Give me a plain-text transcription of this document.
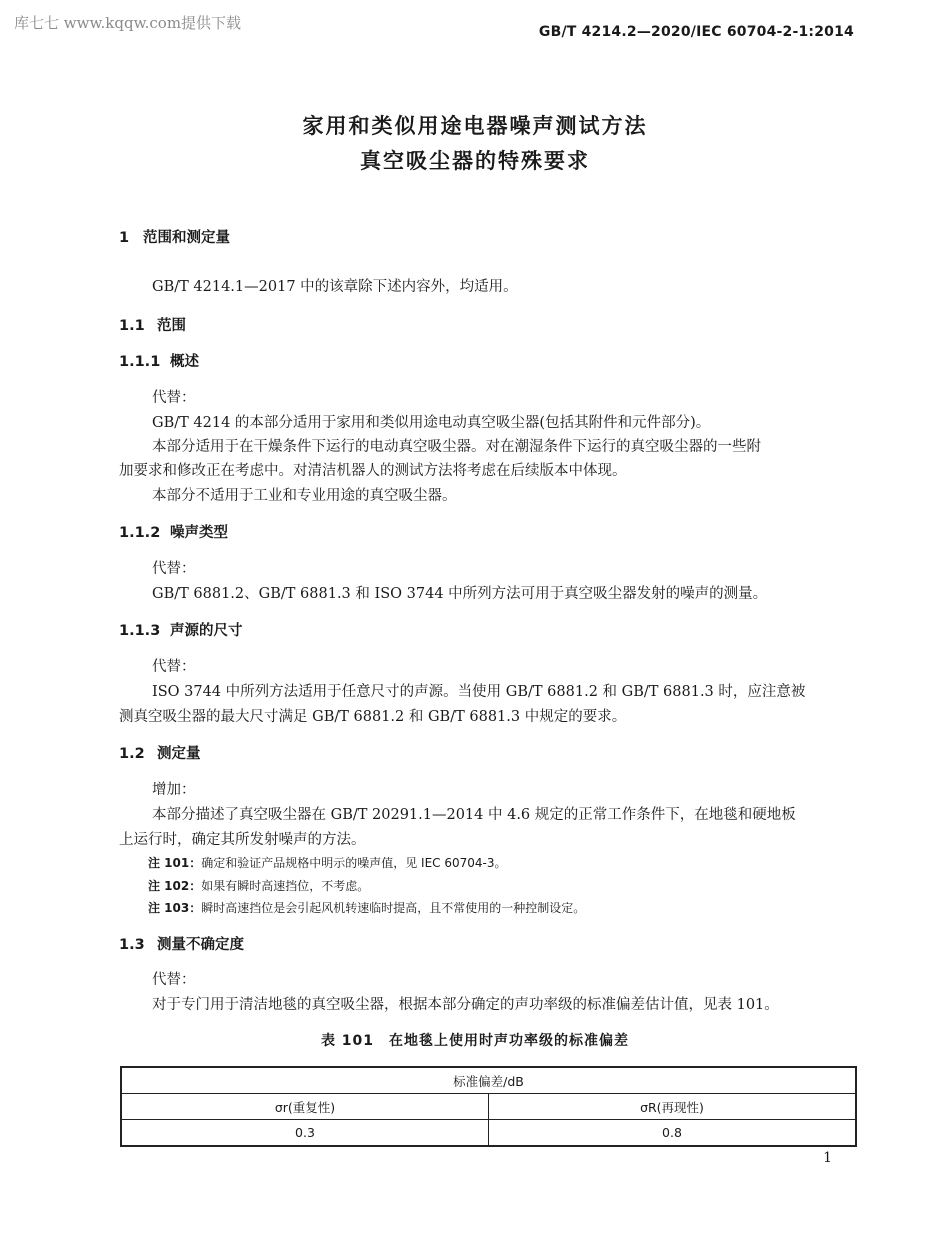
库七七 www.kqqw.com提供下载	GB/T 4214.2—2020/IEC 60704-2-1:2014
家用和类似用途电器噪声测试方法
真空吸尘器的特殊要求
1 范围和测定量
GB/T 4214.1—2017 中的该章除下述内容外，均适用。
1.1 范围
1.1.1 概述
代替：
GB/T 4214 的本部分适用于家用和类似用途电动真空吸尘器(包括其附件和元件部分)。
本部分适用于在干燥条件下运行的电动真空吸尘器。对在潮湿条件下运行的真空吸尘器的一些附
加要求和修改正在考虑中。对清洁机器人的测试方法将考虑在后续版本中体现。
本部分不适用于工业和专业用途的真空吸尘器。
1.1.2 噪声类型
代替：
GB/T 6881.2、GB/T 6881.3 和 ISO 3744 中所列方法可用于真空吸尘器发射的噪声的测量。
1.1.3 声源的尺寸
代替：
ISO 3744 中所列方法适用于任意尺寸的声源。当使用 GB/T 6881.2 和 GB/T 6881.3 时，应注意被
测真空吸尘器的最大尺寸满足 GB/T 6881.2 和 GB/T 6881.3 中规定的要求。
1.2 测定量
增加：
本部分描述了真空吸尘器在 GB/T 20291.1—2014 中 4.6 规定的正常工作条件下，在地毯和硬地板
上运行时，确定其所发射噪声的方法。
注 101：确定和验证产品规格中明示的噪声值，见 IEC 60704-3。
注 102：如果有瞬时高速挡位，不考虑。
注 103：瞬时高速挡位是会引起风机转速临时提高，且不常使用的一种控制设定。
1.3 测量不确定度
代替：
对于专门用于清洁地毯的真空吸尘器，根据本部分确定的声功率级的标准偏差估计值，见表 101。
表 101　在地毯上使用时声功率级的标准偏差
标准偏差/dB	
σr(重复性)	σR(再现性)
0.3	0.8
1
